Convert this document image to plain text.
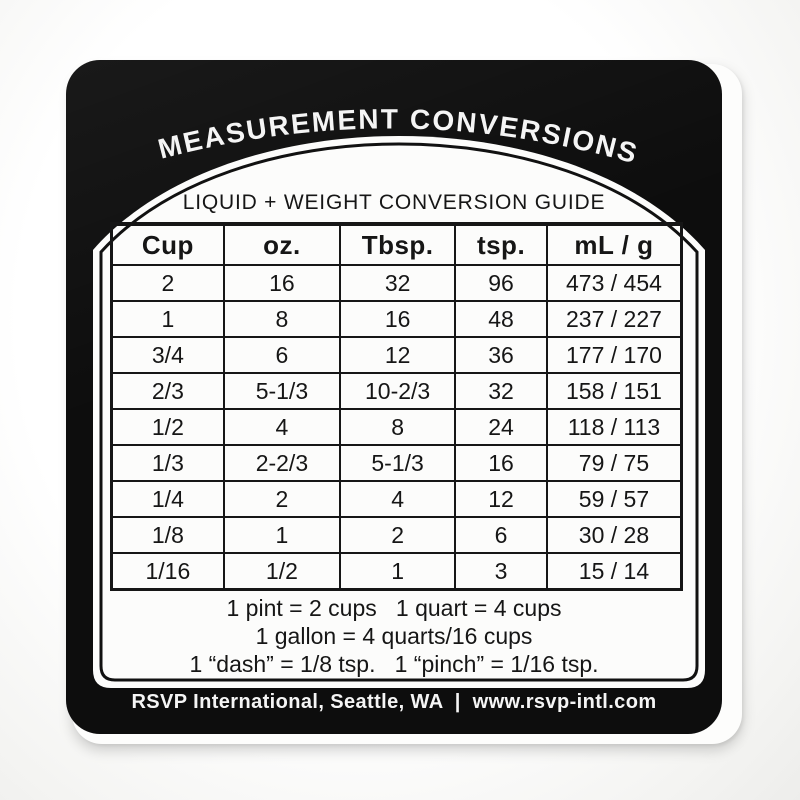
MEASUREMENT CONVERSIONS
LIQUID + WEIGHT CONVERSION GUIDE
Cup	oz.	Tbsp.	tsp.	mL / g
2	16	32	96	473 / 454
1	8	16	48	237 / 227
3/4	6	12	36	177 / 170
2/3	5-1/3	10-2/3	32	158 / 151
1/2	4	8	24	118 / 113
1/3	2-2/3	5-1/3	16	79 / 75
1/4	2	4	12	59 / 57
1/8	1	2	6	30 / 28
1/16	1/2	1	3	15 / 14
1 pint = 2 cups   1 quart = 4 cups
1 gallon = 4 quarts/16 cups
1 “dash” = 1/8 tsp.   1 “pinch” = 1/16 tsp.
RSVP International, Seattle, WA  |  www.rsvp-intl.com
